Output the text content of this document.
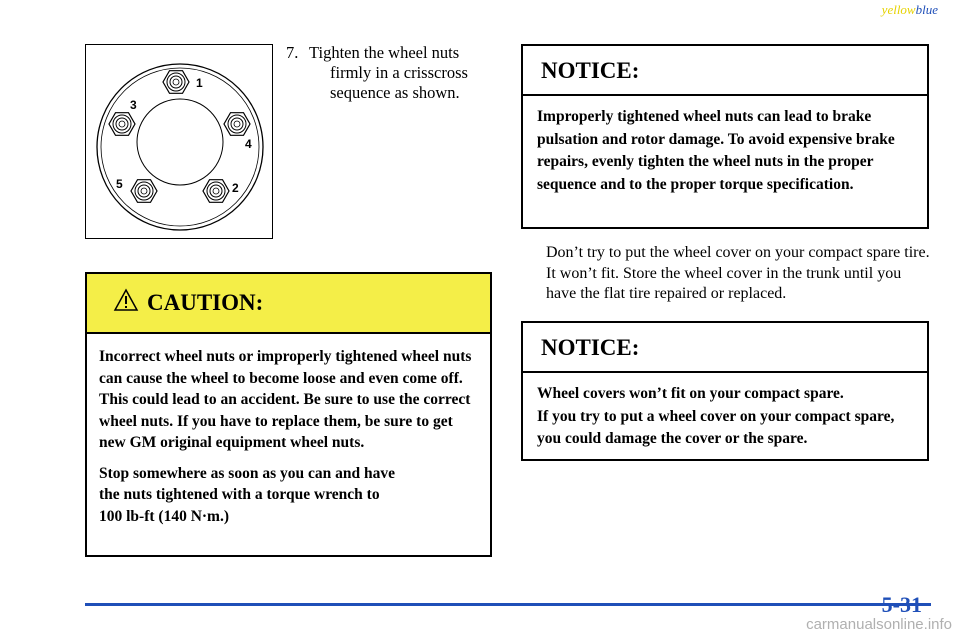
yellowblue
1
2
3
4
5
7. Tighten the wheel nuts
firmly in a crisscross
sequence as shown.
CAUTION:

Incorrect wheel nuts or improperly tightened wheel nuts can cause the wheel to become loose and even come off. This could lead to an accident. Be sure to use the correct wheel nuts. If you have to replace them, be sure to get new GM original equipment wheel nuts.

Stop somewhere as soon as you can and have
the nuts tightened with a torque wrench to
100 lb-ft (140 N·m.)

NOTICE:
Improperly tightened wheel nuts can lead to brake pulsation and rotor damage. To avoid expensive brake repairs, evenly tighten the wheel nuts in the proper sequence and to the proper torque specification.
Don’t try to put the wheel cover on your compact spare tire. It won’t fit. Store the wheel cover in the trunk until you have the flat tire repaired or replaced.
NOTICE:
Wheel covers won’t fit on your compact spare.
If you try to put a wheel cover on your compact spare, you could damage the cover or the spare.
5-31
carmanualsonline.info
